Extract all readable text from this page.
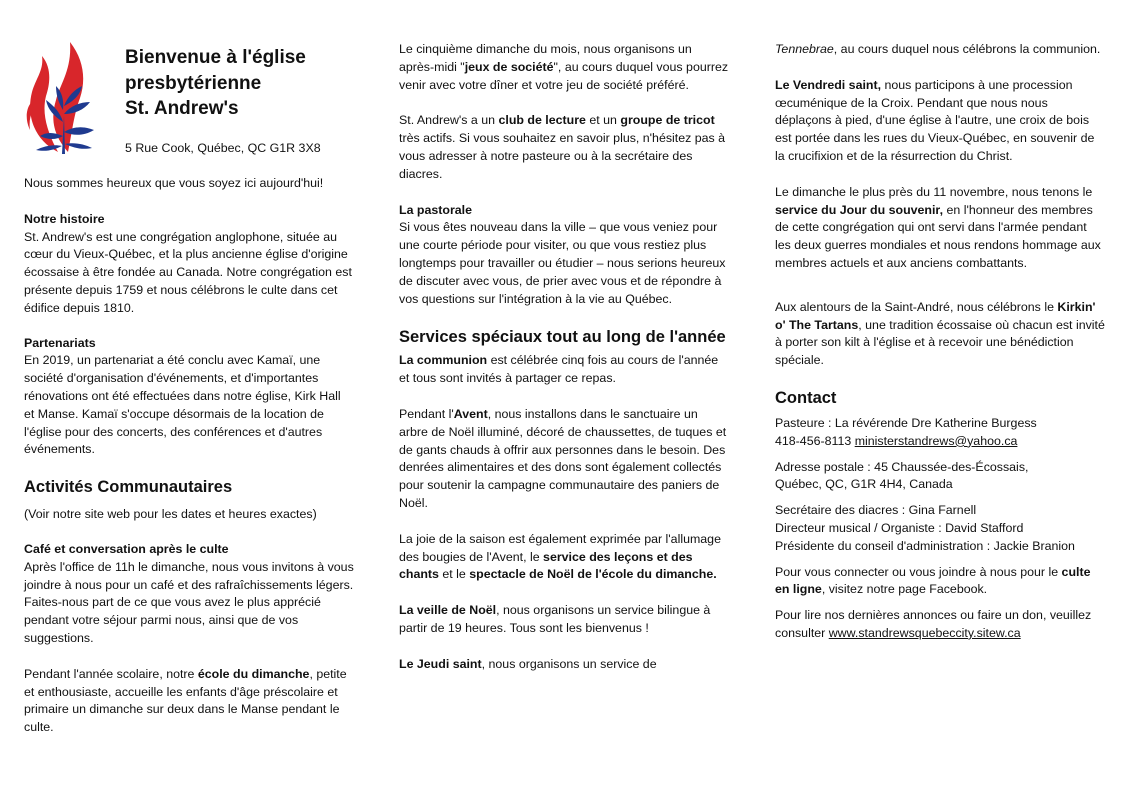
Bienvenue à l'église
presbytérienne
St. Andrew's
5 Rue Cook, Québec, QC G1R 3X8

Nous sommes heureux que vous soyez ici aujourd'hui!

Notre histoire

St. Andrew's est une congrégation anglophone, située au cœur du Vieux-Québec, et la plus ancienne église d'origine écossaise à être fondée au Canada. Notre congrégation est présente depuis 1759 et nous célébrons le culte dans cet édifice depuis 1810.

Partenariats

En 2019, un partenariat a été conclu avec Kamaï, une société d'organisation d'événements, et d'importantes rénovations ont été effectuées dans notre église, Kirk Hall et Manse. Kamaï s'occupe désormais de la location de l'église pour des concerts, des conférences et d'autres événements.

Activités Communautaires

(Voir notre site web pour les dates et heures exactes)

Café et conversation après le culte

Après l'office de 11h le dimanche, nous vous invitons à vous joindre à nous pour un café et des rafraîchissements légers. Faites-nous part de ce que vous avez le plus apprécié pendant votre séjour parmi nous, ainsi que de vos suggestions.

Pendant l'année scolaire, notre école du dimanche, petite et enthousiaste, accueille les enfants d'âge préscolaire et primaire un dimanche sur deux dans le Manse pendant le culte.

Le cinquième dimanche du mois, nous organisons un après-midi "jeux de société", au cours duquel vous pourrez venir avec votre dîner et votre jeu de société préféré.

St. Andrew's a un club de lecture et un groupe de tricot très actifs. Si vous souhaitez en savoir plus, n'hésitez pas à vous adresser à notre pasteure ou à la secrétaire des diacres.

La pastorale

Si vous êtes nouveau dans la ville – que vous veniez pour une courte période pour visiter, ou que vous restiez plus longtemps pour travailler ou étudier – nous serions heureux de discuter avec vous, de prier avec vous et de répondre à vos questions sur l'intégration à la vie au Québec.

Services spéciaux tout au long de l'année

La communion est célébrée cinq fois au cours de l'année et tous sont invités à partager ce repas.

Pendant l'Avent, nous installons dans le sanctuaire un arbre de Noël illuminé, décoré de chaussettes, de tuques et de gants chauds à offrir aux personnes dans le besoin. Des denrées alimentaires et des dons sont également collectés pour soutenir la campagne communautaire des paniers de Noël.

La joie de la saison est également exprimée par l'allumage des bougies de l'Avent, le service des leçons et des chants et le spectacle de Noël de l'école du dimanche.

La veille de Noël, nous organisons un service bilingue à partir de 19 heures. Tous sont les bienvenus !

Le Jeudi saint, nous organisons un service de

Tennebrae, au cours duquel nous célébrons la communion.

Le Vendredi saint, nous participons à une procession œcuménique de la Croix. Pendant que nous nous déplaçons à pied, d'une église à l'autre, une croix de bois est portée dans les rues du Vieux-Québec, en souvenir de la crucifixion et de la résurrection du Christ.

Le dimanche le plus près du 11 novembre, nous tenons le service du Jour du souvenir, en l'honneur des membres de cette congrégation qui ont servi dans l'armée pendant les deux guerres mondiales et nous rendons hommage aux membres actuels et aux anciens combattants.

Aux alentours de la Saint-André, nous célébrons le Kirkin' o' The Tartans, une tradition écossaise où chacun est invité à porter son kilt à l'église et à recevoir une bénédiction spéciale.

Contact

Pasteure : La révérende Dre Katherine Burgess

418-456-8113 ministerstandrews@yahoo.ca

Adresse postale : 45 Chaussée-des-Écossais,

Québec, QC, G1R 4H4, Canada

Secrétaire des diacres : Gina Farnell

Directeur musical / Organiste : David Stafford

Présidente du conseil d'administration : Jackie Branion

Pour vous connecter ou vous joindre à nous pour le culte en ligne, visitez notre page Facebook.

Pour lire nos dernières annonces ou faire un don, veuillez consulter www.standrewsquebeccity.sitew.ca
